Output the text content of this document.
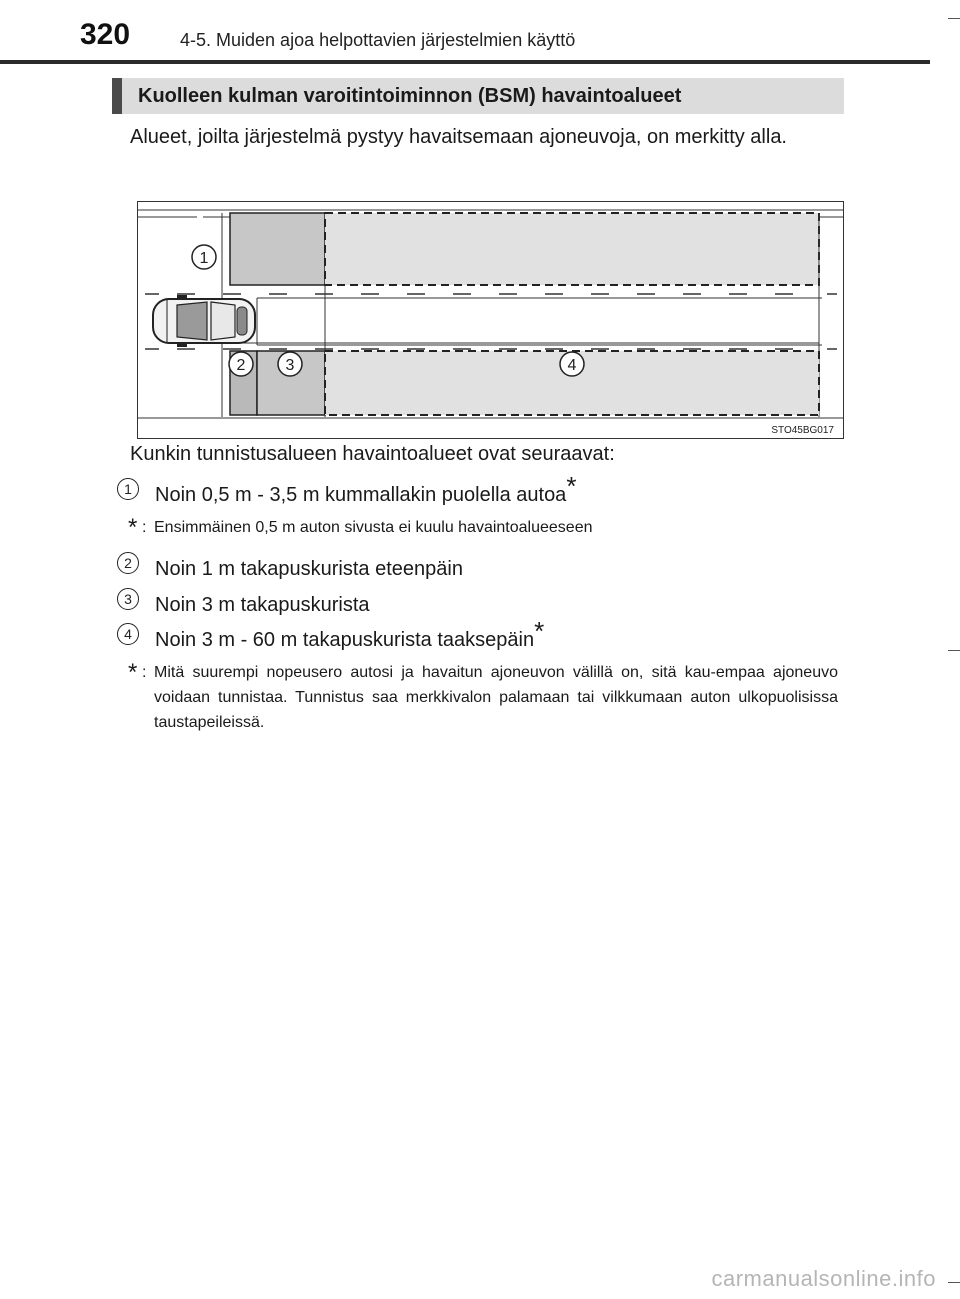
320	4-5. Muiden ajoa helpottavien järjestelmien käyttö
Kuolleen kulman varoitintoiminnon (BSM) havaintoalueet
Alueet, joilta järjestelmä pystyy havaitsemaan ajoneuvoja, on merkitty alla.
1
2	3	4
STO45BG017
Kunkin tunnistusalueen havaintoalueet ovat seuraavat:
1	Noin 0,5 m - 3,5 m kummallakin puolella autoa*
* : Ensimmäinen 0,5 m auton sivusta ei kuulu havaintoalueeseen
2	Noin 1 m takapuskurista eteenpäin
3	Noin 3 m takapuskurista
4	Noin 3 m - 60 m takapuskurista taaksepäin*
* : Mitä suurempi nopeusero autosi ja havaitun ajoneuvon välillä on, sitä kau-empaa ajoneuvo voidaan tunnistaa. Tunnistus saa merkkivalon palamaan tai vilkkumaan auton ulkopuolisissa taustapeileissä.
carmanualsonline.info
